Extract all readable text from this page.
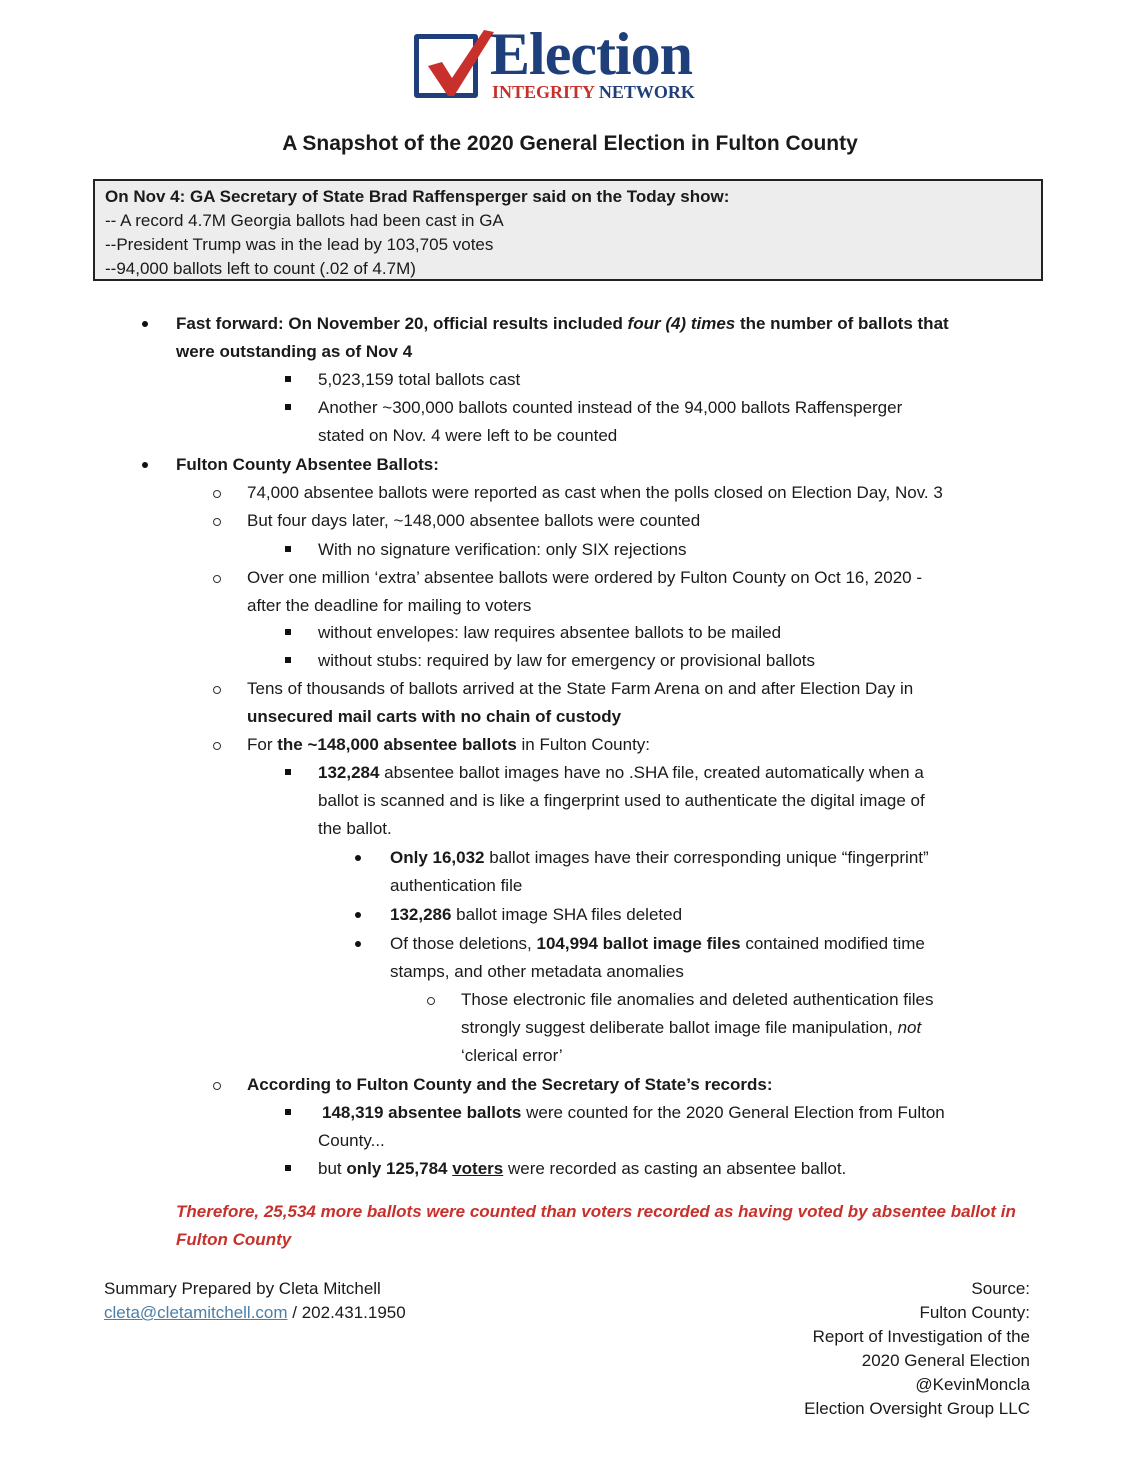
Election
INTEGRITY NETWORK
A Snapshot of the 2020 General Election in Fulton County
On Nov 4: GA Secretary of State Brad Raffensperger said on the Today show:
-- A record 4.7M Georgia ballots had been cast in GA
--President Trump was in the lead by 103,705 votes
--94,000 ballots left to count (.02 of 4.7M)
Fast forward: On November 20, official results included four (4) times the number of ballots that
were outstanding as of Nov 4
5,023,159 total ballots cast
Another ~300,000 ballots counted instead of the 94,000 ballots Raffensperger
stated on Nov. 4 were left to be counted
Fulton County Absentee Ballots:
74,000 absentee ballots were reported as cast when the polls closed on Election Day, Nov. 3
But four days later, ~148,000 absentee ballots were counted
With no signature verification: only SIX rejections
Over one million ‘extra’ absentee ballots were ordered by Fulton County on Oct 16, 2020 -
after the deadline for mailing to voters
without envelopes: law requires absentee ballots to be mailed
without stubs: required by law for emergency or provisional ballots
Tens of thousands of ballots arrived at the State Farm Arena on and after Election Day in
unsecured mail carts with no chain of custody
For the ~148,000 absentee ballots in Fulton County:
132,284 absentee ballot images have no .SHA file, created automatically when a
ballot is scanned and is like a fingerprint used to authenticate the digital image of
the ballot.
Only 16,032 ballot images have their corresponding unique “fingerprint”
authentication file
132,286 ballot image SHA files deleted
Of those deletions, 104,994 ballot image files contained modified time
stamps, and other metadata anomalies
Those electronic file anomalies and deleted authentication files
strongly suggest deliberate ballot image file manipulation, not
‘clerical error’
According to Fulton County and the Secretary of State’s records:
148,319 absentee ballots were counted for the 2020 General Election from Fulton
County...
but only 125,784 voters were recorded as casting an absentee ballot.
Therefore, 25,534 more ballots were counted than voters recorded as having voted by absentee ballot in Fulton County
Summary Prepared by Cleta Mitchell
cleta@cletamitchell.com / 202.431.1950
Source:
Fulton County:
Report of Investigation of the
2020 General Election
@KevinMoncla
Election Oversight Group LLC
